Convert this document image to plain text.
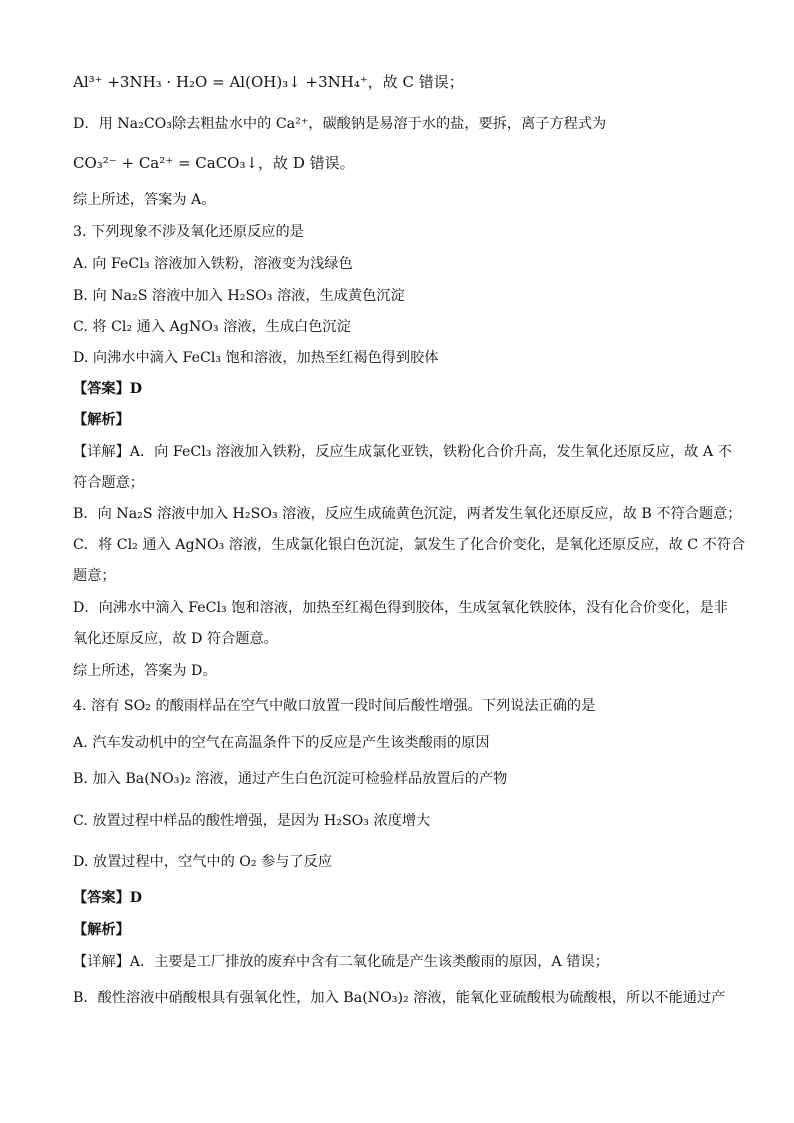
Al³⁺ +3NH₃ · H₂O = Al(OH)₃↓ +3NH₄⁺，故 C 错误；
D．用 Na₂CO₃除去粗盐水中的 Ca²⁺，碳酸钠是易溶于水的盐，要拆，离子方程式为
CO₃²⁻ + Ca²⁺ = CaCO₃↓，故 D 错误。
综上所述，答案为 A。
3. 下列现象不涉及氧化还原反应的是
A. 向 FeCl₃ 溶液加入铁粉，溶液变为浅绿色
B. 向 Na₂S 溶液中加入 H₂SO₃ 溶液，生成黄色沉淀
C. 将 Cl₂ 通入 AgNO₃ 溶液，生成白色沉淀
D. 向沸水中滴入 FeCl₃ 饱和溶液，加热至红褐色得到胶体
【答案】D
【解析】
【详解】A．向 FeCl₃ 溶液加入铁粉，反应生成氯化亚铁，铁粉化合价升高，发生氧化还原反应，故 A 不
符合题意；
B．向 Na₂S 溶液中加入 H₂SO₃ 溶液，反应生成硫黄色沉淀，两者发生氧化还原反应，故 B 不符合题意；
C．将 Cl₂ 通入 AgNO₃ 溶液，生成氯化银白色沉淀，氯发生了化合价变化，是氧化还原反应，故 C 不符合
题意；
D．向沸水中滴入 FeCl₃ 饱和溶液，加热至红褐色得到胶体，生成氢氧化铁胶体，没有化合价变化，是非
氧化还原反应，故 D 符合题意。
综上所述，答案为 D。
4. 溶有 SO₂ 的酸雨样品在空气中敞口放置一段时间后酸性增强。下列说法正确的是
A. 汽车发动机中的空气在高温条件下的反应是产生该类酸雨的原因
B. 加入 Ba(NO₃)₂ 溶液，通过产生白色沉淀可检验样品放置后的产物
C. 放置过程中样品的酸性增强，是因为 H₂SO₃ 浓度增大
D. 放置过程中，空气中的 O₂ 参与了反应
【答案】D
【解析】
【详解】A．主要是工厂排放的废弃中含有二氧化硫是产生该类酸雨的原因，A 错误；
B．酸性溶液中硝酸根具有强氧化性，加入 Ba(NO₃)₂ 溶液，能氧化亚硫酸根为硫酸根，所以不能通过产
